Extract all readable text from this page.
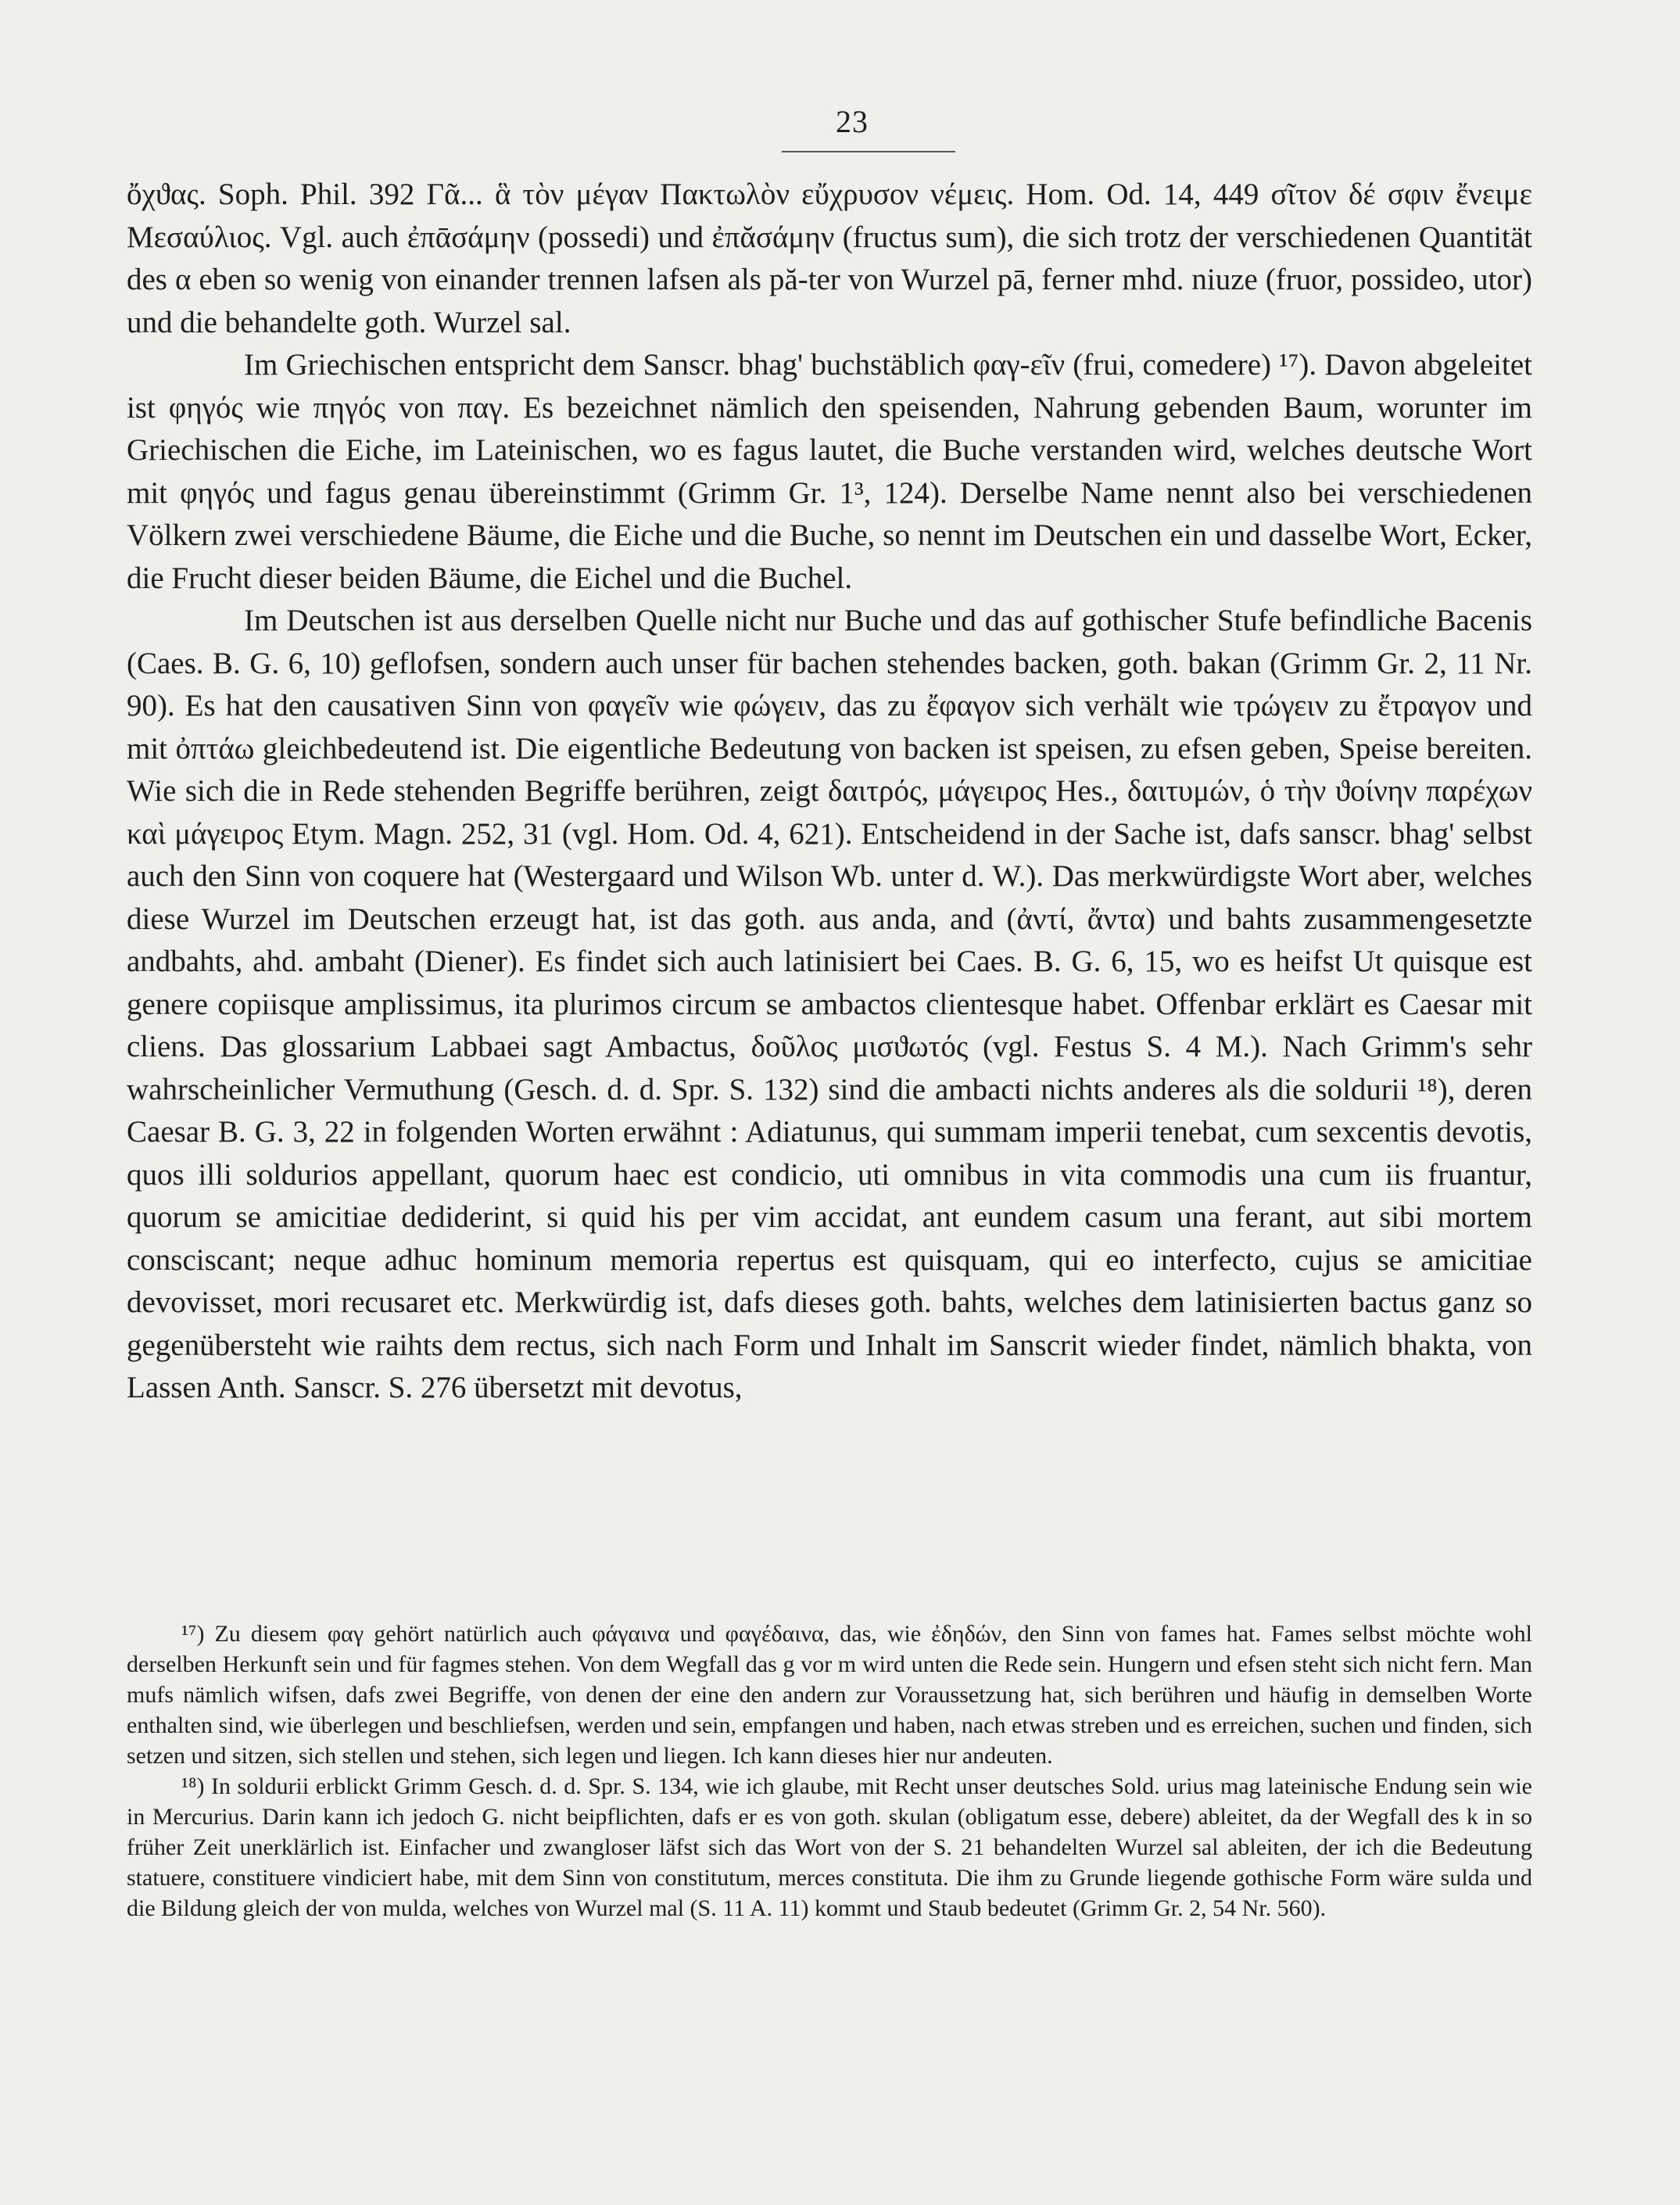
23

ὄχϑας. Soph. Phil. 392 Γᾶ... ἃ τὸν μέγαν Πακτωλὸν εὔχρυσον νέμεις. Hom. Od. 14, 449 σῖτον δέ σφιν ἔνειμε Μεσαύλιος. Vgl. auch ἐπᾱσάμην (possedi) und ἐπᾰσάμην (fructus sum), die sich trotz der verschiedenen Quantität des α eben so wenig von einander trennen lafsen als pă-ter von Wurzel pā, ferner mhd. niuze (fruor, possideo, utor) und die behandelte goth. Wurzel sal.

Im Griechischen entspricht dem Sanscr. bhag' buchstäblich φαγ-εῖν (frui, comedere) ¹⁷). Davon abgeleitet ist φηγός wie πηγός von παγ. Es bezeichnet nämlich den speisenden, Nahrung gebenden Baum, worunter im Griechischen die Eiche, im Lateinischen, wo es fagus lautet, die Buche verstanden wird, welches deutsche Wort mit φηγός und fagus genau übereinstimmt (Grimm Gr. 1³, 124). Derselbe Name nennt also bei verschiedenen Völkern zwei verschiedene Bäume, die Eiche und die Buche, so nennt im Deutschen ein und dasselbe Wort, Ecker, die Frucht dieser beiden Bäume, die Eichel und die Buchel.

Im Deutschen ist aus derselben Quelle nicht nur Buche und das auf gothischer Stufe befindliche Bacenis (Caes. B. G. 6, 10) geflofsen, sondern auch unser für bachen stehendes backen, goth. bakan (Grimm Gr. 2, 11 Nr. 90). Es hat den causativen Sinn von φαγεῖν wie φώγειν, das zu ἔφαγον sich verhält wie τρώγειν zu ἔτραγον und mit ὀπτάω gleichbedeutend ist. Die eigentliche Bedeutung von backen ist speisen, zu efsen geben, Speise bereiten. Wie sich die in Rede stehenden Begriffe berühren, zeigt δαιτρός, μάγειρος Hes., δαιτυμών, ὁ τὴν ϑοίνην παρέχων καὶ μάγειρος Etym. Magn. 252, 31 (vgl. Hom. Od. 4, 621). Entscheidend in der Sache ist, dafs sanscr. bhag' selbst auch den Sinn von coquere hat (Westergaard und Wilson Wb. unter d. W.). Das merkwürdigste Wort aber, welches diese Wurzel im Deutschen erzeugt hat, ist das goth. aus anda, and (ἀντί, ἄντα) und bahts zusammengesetzte andbahts, ahd. ambaht (Diener). Es findet sich auch latinisiert bei Caes. B. G. 6, 15, wo es heifst Ut quisque est genere copiisque amplissimus, ita plurimos circum se ambactos clientesque habet. Offenbar erklärt es Caesar mit cliens. Das glossarium Labbaei sagt Ambactus, δοῦλος μισϑωτός (vgl. Festus S. 4 M.). Nach Grimm's sehr wahrscheinlicher Vermuthung (Gesch. d. d. Spr. S. 132) sind die ambacti nichts anderes als die soldurii ¹⁸), deren Caesar B. G. 3, 22 in folgenden Worten erwähnt : Adiatunus, qui summam imperii tenebat, cum sexcentis devotis, quos illi soldurios appellant, quorum haec est condicio, uti omnibus in vita commodis una cum iis fruantur, quorum se amicitiae dediderint, si quid his per vim accidat, ant eundem casum una ferant, aut sibi mortem consciscant; neque adhuc hominum memoria repertus est quisquam, qui eo interfecto, cujus se amicitiae devovisset, mori recusaret etc. Merkwürdig ist, dafs dieses goth. bahts, welches dem latinisierten bactus ganz so gegenübersteht wie raihts dem rectus, sich nach Form und Inhalt im Sanscrit wieder findet, nämlich bhakta, von Lassen Anth. Sanscr. S. 276 übersetzt mit devotus,

¹⁷) Zu diesem φαγ gehört natürlich auch φάγαινα und φαγέδαινα, das, wie ἐδηδών, den Sinn von fames hat. Fames selbst möchte wohl derselben Herkunft sein und für fagmes stehen. Von dem Wegfall das g vor m wird unten die Rede sein. Hungern und efsen steht sich nicht fern. Man mufs nämlich wifsen, dafs zwei Begriffe, von denen der eine den andern zur Voraussetzung hat, sich berühren und häufig in demselben Worte enthalten sind, wie überlegen und beschliefsen, werden und sein, empfangen und haben, nach etwas streben und es erreichen, suchen und finden, sich setzen und sitzen, sich stellen und stehen, sich legen und liegen. Ich kann dieses hier nur andeuten.

¹⁸) In soldurii erblickt Grimm Gesch. d. d. Spr. S. 134, wie ich glaube, mit Recht unser deutsches Sold. urius mag lateinische Endung sein wie in Mercurius. Darin kann ich jedoch G. nicht beipflichten, dafs er es von goth. skulan (obligatum esse, debere) ableitet, da der Wegfall des k in so früher Zeit unerklärlich ist. Einfacher und zwangloser läfst sich das Wort von der S. 21 behandelten Wurzel sal ableiten, der ich die Bedeutung statuere, constituere vindiciert habe, mit dem Sinn von constitutum, merces constituta. Die ihm zu Grunde liegende gothische Form wäre sulda und die Bildung gleich der von mulda, welches von Wurzel mal (S. 11 A. 11) kommt und Staub bedeutet (Grimm Gr. 2, 54 Nr. 560).
